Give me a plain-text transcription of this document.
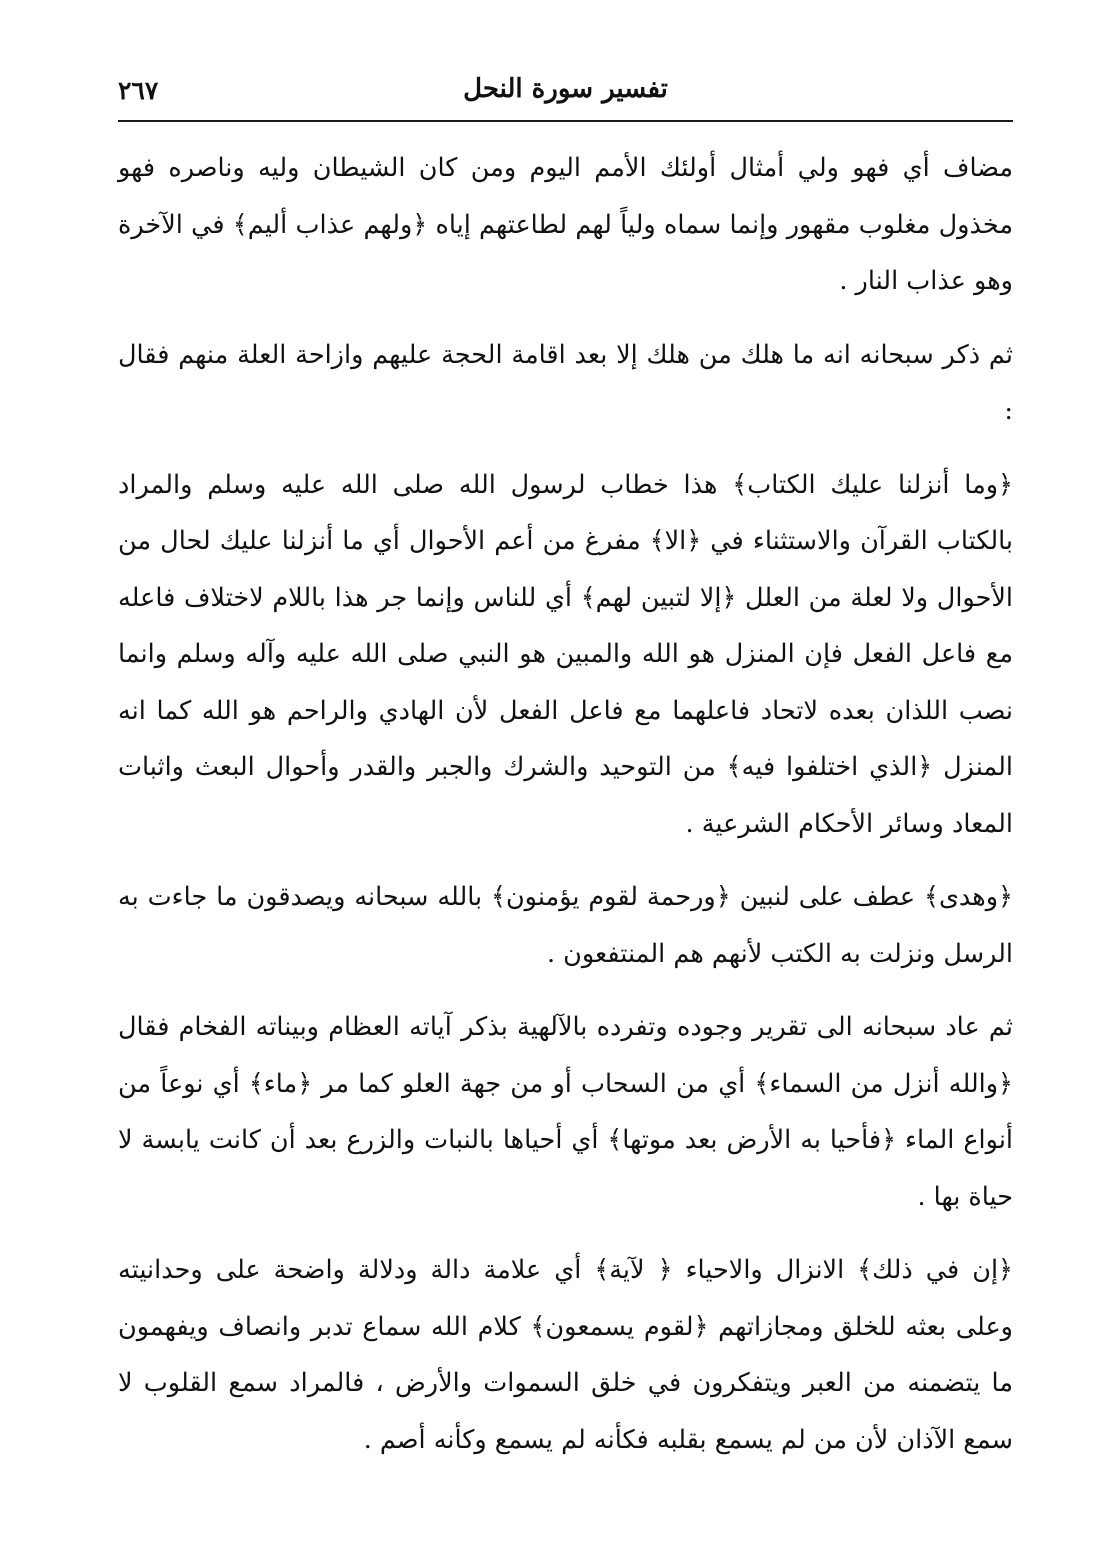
٢٦٧	تفسير سورة النحل

مضاف أي فهو ولي أمثال أولئك الأمم اليوم ومن كان الشيطان وليه وناصره فهو مخذول مغلوب مقهور وإنما سماه ولياً لهم لطاعتهم إياه ﴿ولهم عذاب أليم﴾ في الآخرة وهو عذاب النار .

ثم ذكر سبحانه انه ما هلك من هلك إلا بعد اقامة الحجة عليهم وازاحة العلة منهم فقال :

﴿وما أنزلنا عليك الكتاب﴾ هذا خطاب لرسول الله صلى الله عليه وسلم والمراد بالكتاب القرآن والاستثناء في ﴿الا﴾ مفرغ من أعم الأحوال أي ما أنزلنا عليك لحال من الأحوال ولا لعلة من العلل ﴿إلا لتبين لهم﴾ أي للناس وإنما جر هذا باللام لاختلاف فاعله مع فاعل الفعل فإن المنزل هو الله والمبين هو النبي صلى الله عليه وآله وسلم وانما نصب اللذان بعده لاتحاد فاعلهما مع فاعل الفعل لأن الهادي والراحم هو الله كما انه المنزل ﴿الذي اختلفوا فيه﴾ من التوحيد والشرك والجبر والقدر وأحوال البعث واثبات المعاد وسائر الأحكام الشرعية .

﴿وهدى﴾ عطف على لنبين ﴿ورحمة لقوم يؤمنون﴾ بالله سبحانه ويصدقون ما جاءت به الرسل ونزلت به الكتب لأنهم هم المنتفعون .

ثم عاد سبحانه الى تقرير وجوده وتفرده بالآلهية بذكر آياته العظام وبيناته الفخام فقال ﴿والله أنزل من السماء﴾ أي من السحاب أو من جهة العلو كما مر ﴿ماء﴾ أي نوعاً من أنواع الماء ﴿فأحيا به الأرض بعد موتها﴾ أي أحياها بالنبات والزرع بعد أن كانت يابسة لا حياة بها .

﴿إن في ذلك﴾ الانزال والاحياء ﴿ لآية﴾ أي علامة دالة ودلالة واضحة على وحدانيته وعلى بعثه للخلق ومجازاتهم ﴿لقوم يسمعون﴾ كلام الله سماع تدبر وانصاف ويفهمون ما يتضمنه من العبر ويتفكرون في خلق السموات والأرض ، فالمراد سمع القلوب لا سمع الآذان لأن من لم يسمع بقلبه فكأنه لم يسمع وكأنه أصم .
